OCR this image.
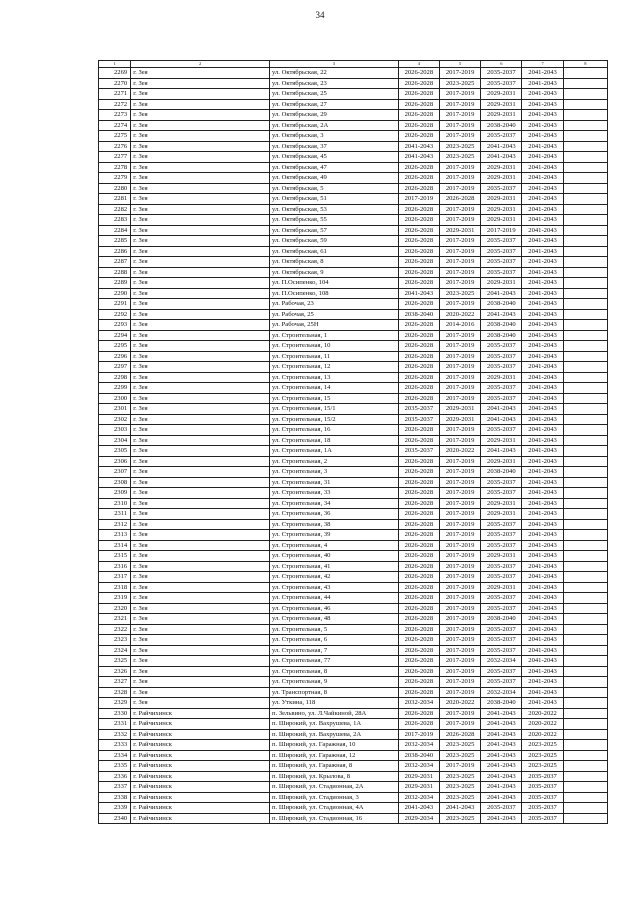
34
1	2	3	4	5	6	7	8
2269	г. Зея	ул. Октябрьская, 22	2026-2028	2017-2019	2035-2037	2041-2043	
2270	г. Зея	ул. Октябрьская, 23	2026-2028	2023-2025	2035-2037	2041-2043	
2271	г. Зея	ул. Октябрьская, 25	2026-2028	2017-2019	2029-2031	2041-2043	
2272	г. Зея	ул. Октябрьская, 27	2026-2028	2017-2019	2029-2031	2041-2043	
2273	г. Зея	ул. Октябрьская, 29	2026-2028	2017-2019	2029-2031	2041-2043	
2274	г. Зея	ул. Октябрьская, 2А	2026-2028	2017-2019	2038-2040	2041-2043	
2275	г. Зея	ул. Октябрьская, 3	2026-2028	2017-2019	2035-2037	2041-2043	
2276	г. Зея	ул. Октябрьская, 37	2041-2043	2023-2025	2041-2043	2041-2043	
2277	г. Зея	ул. Октябрьская, 45	2041-2043	2023-2025	2041-2043	2041-2043	
2278	г. Зея	ул. Октябрьская, 47	2026-2028	2017-2019	2029-2031	2041-2043	
2279	г. Зея	ул. Октябрьская, 49	2026-2028	2017-2019	2029-2031	2041-2043	
2280	г. Зея	ул. Октябрьская, 5	2026-2028	2017-2019	2035-2037	2041-2043	
2281	г. Зея	ул. Октябрьская, 51	2017-2019	2026-2028	2029-2031	2041-2043	
2282	г. Зея	ул. Октябрьская, 53	2026-2028	2017-2019	2029-2031	2041-2043	
2283	г. Зея	ул. Октябрьская, 55	2026-2028	2017-2019	2029-2031	2041-2043	
2284	г. Зея	ул. Октябрьская, 57	2026-2028	2029-2031	2017-2019	2041-2043	
2285	г. Зея	ул. Октябрьская, 59	2026-2028	2017-2019	2035-2037	2041-2043	
2286	г. Зея	ул. Октябрьская, 61	2026-2028	2017-2019	2035-2037	2041-2043	
2287	г. Зея	ул. Октябрьская, 8	2026-2028	2017-2019	2035-2037	2041-2043	
2288	г. Зея	ул. Октябрьская, 9	2026-2028	2017-2019	2035-2037	2041-2043	
2289	г. Зея	ул. П.Осипенко, 104	2026-2028	2017-2019	2029-2031	2041-2043	
2290	г. Зея	ул. П.Осипенко, 108	2041-2043	2023-2025	2041-2043	2041-2043	
2291	г. Зея	ул. Рабочая, 23	2026-2028	2017-2019	2038-2040	2041-2043	
2292	г. Зея	ул. Рабочая, 25	2038-2040	2020-2022	2041-2043	2041-2043	
2293	г. Зея	ул. Рабочая, 25Н	2026-2028	2014-2016	2038-2040	2041-2043	
2294	г. Зея	ул. Строительная, 1	2026-2028	2017-2019	2038-2040	2041-2043	
2295	г. Зея	ул. Строительная, 10	2026-2028	2017-2019	2035-2037	2041-2043	
2296	г. Зея	ул. Строительная, 11	2026-2028	2017-2019	2035-2037	2041-2043	
2297	г. Зея	ул. Строительная, 12	2026-2028	2017-2019	2035-2037	2041-2043	
2298	г. Зея	ул. Строительная, 13	2026-2028	2017-2019	2029-2031	2041-2043	
2299	г. Зея	ул. Строительная, 14	2026-2028	2017-2019	2035-2037	2041-2043	
2300	г. Зея	ул. Строительная, 15	2026-2028	2017-2019	2035-2037	2041-2043	
2301	г. Зея	ул. Строительная, 15/1	2035-2037	2029-2031	2041-2043	2041-2043	
2302	г. Зея	ул. Строительная, 15/2	2035-2037	2029-2031	2041-2043	2041-2043	
2303	г. Зея	ул. Строительная, 16	2026-2028	2017-2019	2035-2037	2041-2043	
2304	г. Зея	ул. Строительная, 18	2026-2028	2017-2019	2029-2031	2041-2043	
2305	г. Зея	ул. Строительная, 1А	2035-2037	2020-2022	2041-2043	2041-2043	
2306	г. Зея	ул. Строительная, 2	2026-2028	2017-2019	2029-2031	2041-2043	
2307	г. Зея	ул. Строительная, 3	2026-2028	2017-2019	2038-2040	2041-2043	
2308	г. Зея	ул. Строительная, 31	2026-2028	2017-2019	2035-2037	2041-2043	
2309	г. Зея	ул. Строительная, 33	2026-2028	2017-2019	2035-2037	2041-2043	
2310	г. Зея	ул. Строительная, 34	2026-2028	2017-2019	2029-2031	2041-2043	
2311	г. Зея	ул. Строительная, 36	2026-2028	2017-2019	2029-2031	2041-2043	
2312	г. Зея	ул. Строительная, 38	2026-2028	2017-2019	2035-2037	2041-2043	
2313	г. Зея	ул. Строительная, 39	2026-2028	2017-2019	2035-2037	2041-2043	
2314	г. Зея	ул. Строительная, 4	2026-2028	2017-2019	2035-2037	2041-2043	
2315	г. Зея	ул. Строительная, 40	2026-2028	2017-2019	2029-2031	2041-2043	
2316	г. Зея	ул. Строительная, 41	2026-2028	2017-2019	2035-2037	2041-2043	
2317	г. Зея	ул. Строительная, 42	2026-2028	2017-2019	2035-2037	2041-2043	
2318	г. Зея	ул. Строительная, 43	2026-2028	2017-2019	2029-2031	2041-2043	
2319	г. Зея	ул. Строительная, 44	2026-2028	2017-2019	2035-2037	2041-2043	
2320	г. Зея	ул. Строительная, 46	2026-2028	2017-2019	2035-2037	2041-2043	
2321	г. Зея	ул. Строительная, 48	2026-2028	2017-2019	2038-2040	2041-2043	
2322	г. Зея	ул. Строительная, 5	2026-2028	2017-2019	2035-2037	2041-2043	
2323	г. Зея	ул. Строительная, 6	2026-2028	2017-2019	2035-2037	2041-2043	
2324	г. Зея	ул. Строительная, 7	2026-2028	2017-2019	2035-2037	2041-2043	
2325	г. Зея	ул. Строительная, 77	2026-2028	2017-2019	2032-2034	2041-2043	
2326	г. Зея	ул. Строительная, 8	2026-2028	2017-2019	2035-2037	2041-2043	
2327	г. Зея	ул. Строительная, 9	2026-2028	2017-2019	2035-2037	2041-2043	
2328	г. Зея	ул. Транспортная, 8	2026-2028	2017-2019	2032-2034	2041-2043	
2329	г. Зея	ул. Уткина, 118	2032-2034	2020-2022	2038-2040	2041-2043	
2330	г. Райчихинск	п. Зельвино, ул. Л.Чайкиной, 28А	2026-2028	2017-2019	2041-2043	2020-2022	
2331	г. Райчихинск	п. Широкий, ул. Вахрушева, 1А	2026-2028	2017-2019	2041-2043	2020-2022	
2332	г. Райчихинск	п. Широкий, ул. Вахрушева, 2А	2017-2019	2026-2028	2041-2043	2020-2022	
2333	г. Райчихинск	п. Широкий, ул. Гаражная, 10	2032-2034	2023-2025	2041-2043	2023-2025	
2334	г. Райчихинск	п. Широкий, ул. Гаражная, 12	2038-2040	2023-2025	2041-2043	2023-2025	
2335	г. Райчихинск	п. Широкий, ул. Гаражная, 8	2032-2034	2017-2019	2041-2043	2023-2025	
2336	г. Райчихинск	п. Широкий, ул. Крылова, 8	2029-2031	2023-2025	2041-2043	2035-2037	
2337	г. Райчихинск	п. Широкий, ул. Стадионная, 2А	2029-2031	2023-2025	2041-2043	2035-2037	
2338	г. Райчихинск	п. Широкий, ул. Стадионная, 3	2032-2034	2023-2025	2041-2043	2035-2037	
2339	г. Райчихинск	п. Широкий, ул. Стадионная, 4А	2041-2043	2041-2043	2035-2037	2035-2037	
2340	г. Райчихинск	п. Широкий, ул. Стадионная, 16	2029-2034	2023-2025	2041-2043	2035-2037	
